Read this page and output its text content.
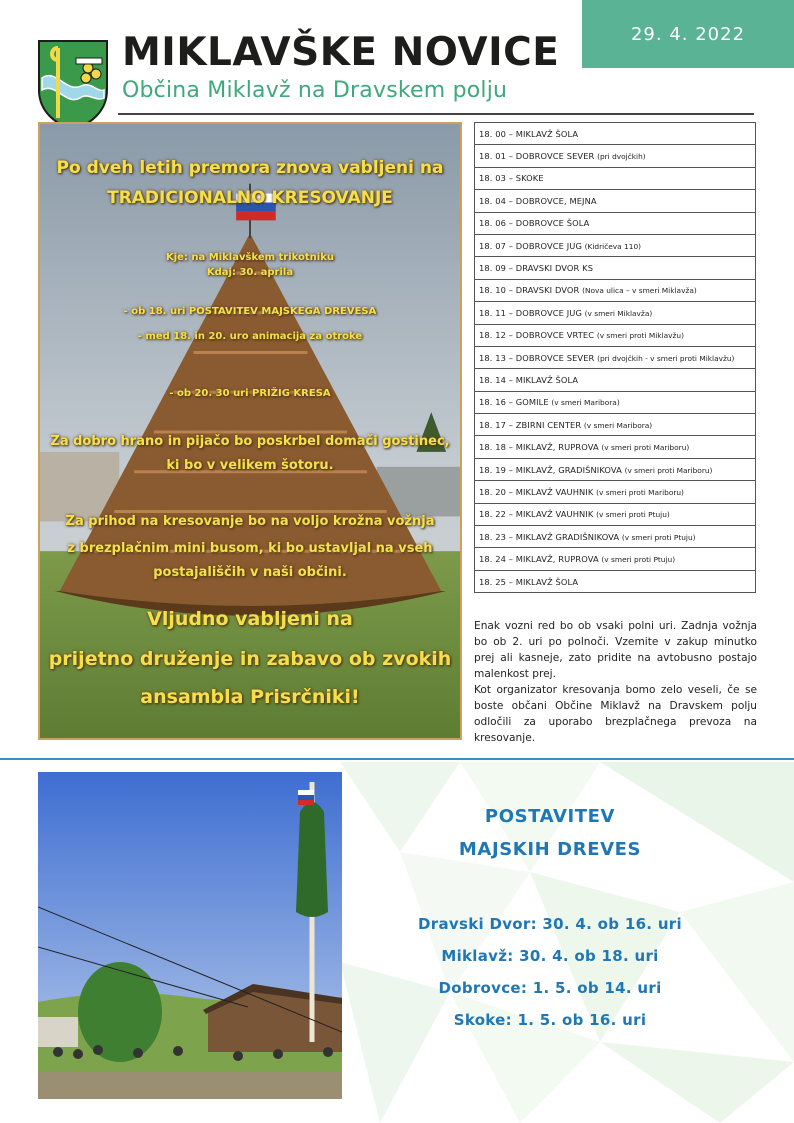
29. 4. 2022
MIKLAVŠKE NOVICE
Občina Miklavž na Dravskem polju
Po dveh letih premora znova vabljeni na
TRADICIONALNO KRESOVANJE
Kje: na Miklavškem trikotniku
Kdaj: 30. aprila
- ob 18. uri POSTAVITEV MAJSKEGA DREVESA
- med 18. in 20. uro animacija za otroke
- ob 20. 30 uri PRIŽIG KRESA
Za dobro hrano in pijačo bo poskrbel domači gostinec,
ki bo v velikem šotoru.
Za prihod na kresovanje bo na voljo krožna vožnja
z brezplačnim mini busom, ki bo ustavljal na vseh
postajališčih v naši občini.
Vljudno vabljeni na
prijetno druženje in zabavo ob zvokih
ansambla Prisrčniki!
18. 00 – MIKLAVŽ ŠOLA
18. 01 – DOBROVCE SEVER (pri dvojčkih)
18. 03 – SKOKE
18. 04 – DOBROVCE, MEJNA
18. 06 – DOBROVCE ŠOLA
18. 07 – DOBROVCE JUG (Kidričeva 110)
18. 09 – DRAVSKI DVOR KS
18. 10 – DRAVSKI DVOR (Nova ulica – v smeri Miklavža)
18. 11 – DOBROVCE JUG (v smeri Miklavža)
18. 12 – DOBROVCE VRTEC (v smeri proti Miklavžu)
18. 13 – DOBROVCE SEVER (pri dvojčkih - v smeri proti Miklavžu)
18. 14 – MIKLAVŽ ŠOLA
18. 16 – GOMILE (v smeri Maribora)
18. 17 – ZBIRNI CENTER (v smeri Maribora)
18. 18 – MIKLAVŽ, RUPROVA (v smeri proti Mariboru)
18. 19 – MIKLAVŽ, GRADIŠNIKOVA (v smeri proti Mariboru)
18. 20 – MIKLAVŽ VAUHNIK (v smeri proti Mariboru)
18. 22 – MIKLAVŽ VAUHNIK (v smeri proti Ptuju)
18. 23 – MIKLAVŽ GRADIŠNIKOVA (v smeri proti Ptuju)
18. 24 – MIKLAVŽ, RUPROVA (v smeri proti Ptuju)
18. 25 – MIKLAVŽ ŠOLA

Enak vozni red bo ob vsaki polni uri. Zadnja vožnja bo ob 2. uri po polnoči. Vzemite v zakup minutko prej ali kasneje, zato pridite na avtobusno postajo malenkost prej.

Kot organizator kresovanja bomo zelo veseli, če se boste občani Občine Miklavž na Dravskem polju odločili za uporabo brezplačnega prevoza na kresovanje.

POSTAVITEV
MAJSKIH DREVES
Dravski Dvor: 30. 4. ob 16. uri
Miklavž: 30. 4. ob 18. uri
Dobrovce: 1. 5. ob 14. uri
Skoke: 1. 5. ob 16. uri
